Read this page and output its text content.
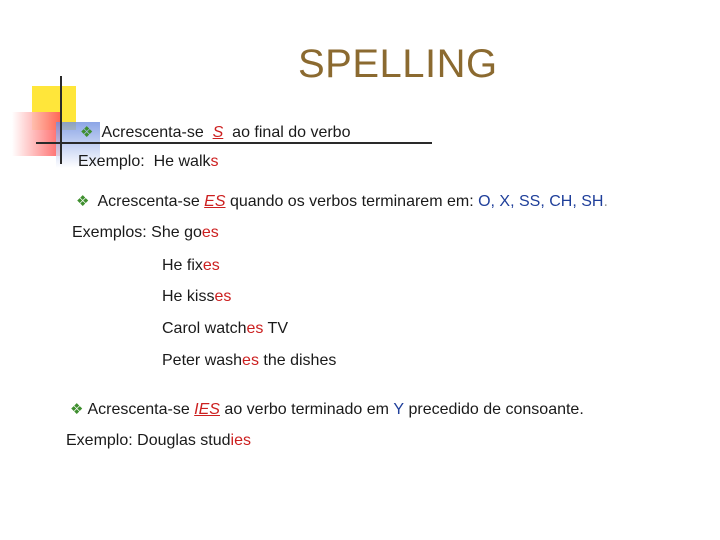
SPELLING
❖ Acrescenta-se S ao final do verbo
Exemplo: He walks
❖ Acrescenta-se ES quando os verbos terminarem em: O, X, SS, CH, SH.
Exemplos: She goes
He fixes
He kisses
Carol watches TV
Peter washes the dishes
❖ Acrescenta-se IES ao verbo terminado em Y precedido de consoante.
Exemplo: Douglas studies
